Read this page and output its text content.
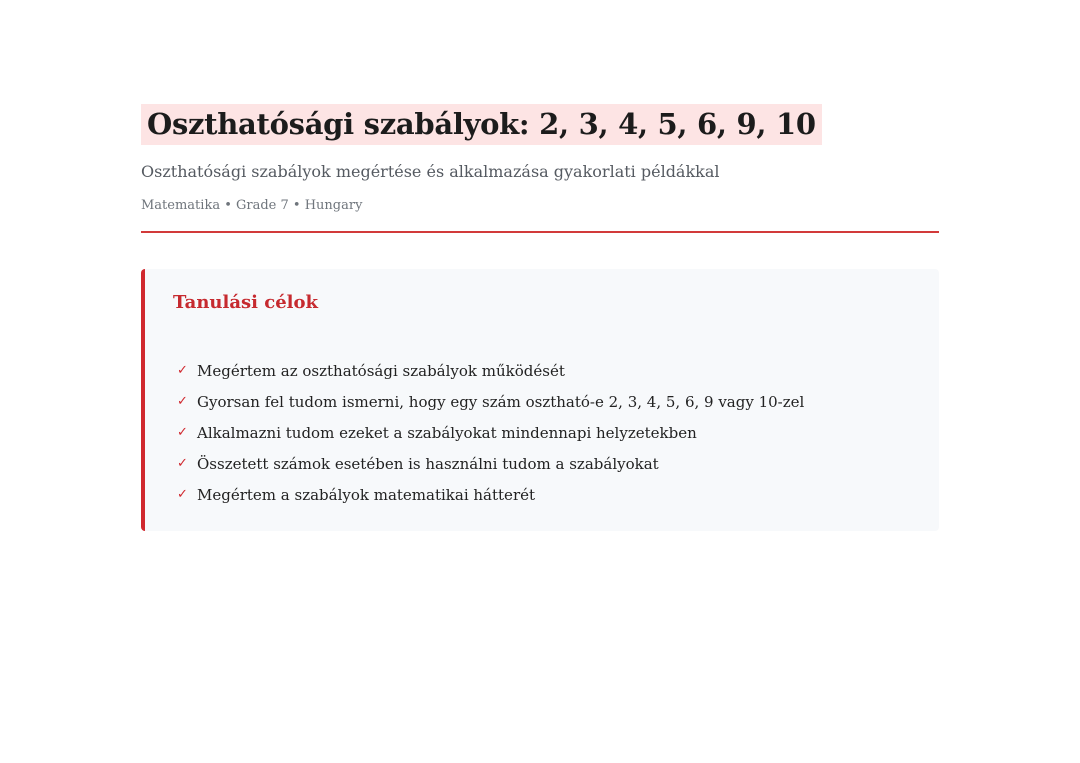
Oszthatósági szabályok: 2, 3, 4, 5, 6, 9, 10

Oszthatósági szabályok megértése és alkalmazása gyakorlati példákkal

Matematika • Grade 7 • Hungary

Tanulási célok
✓ Megértem az oszthatósági szabályok működését
✓ Gyorsan fel tudom ismerni, hogy egy szám osztható-e 2, 3, 4, 5, 6, 9 vagy 10-zel
✓ Alkalmazni tudom ezeket a szabályokat mindennapi helyzetekben
✓ Összetett számok esetében is használni tudom a szabályokat
✓ Megértem a szabályok matematikai hátterét
